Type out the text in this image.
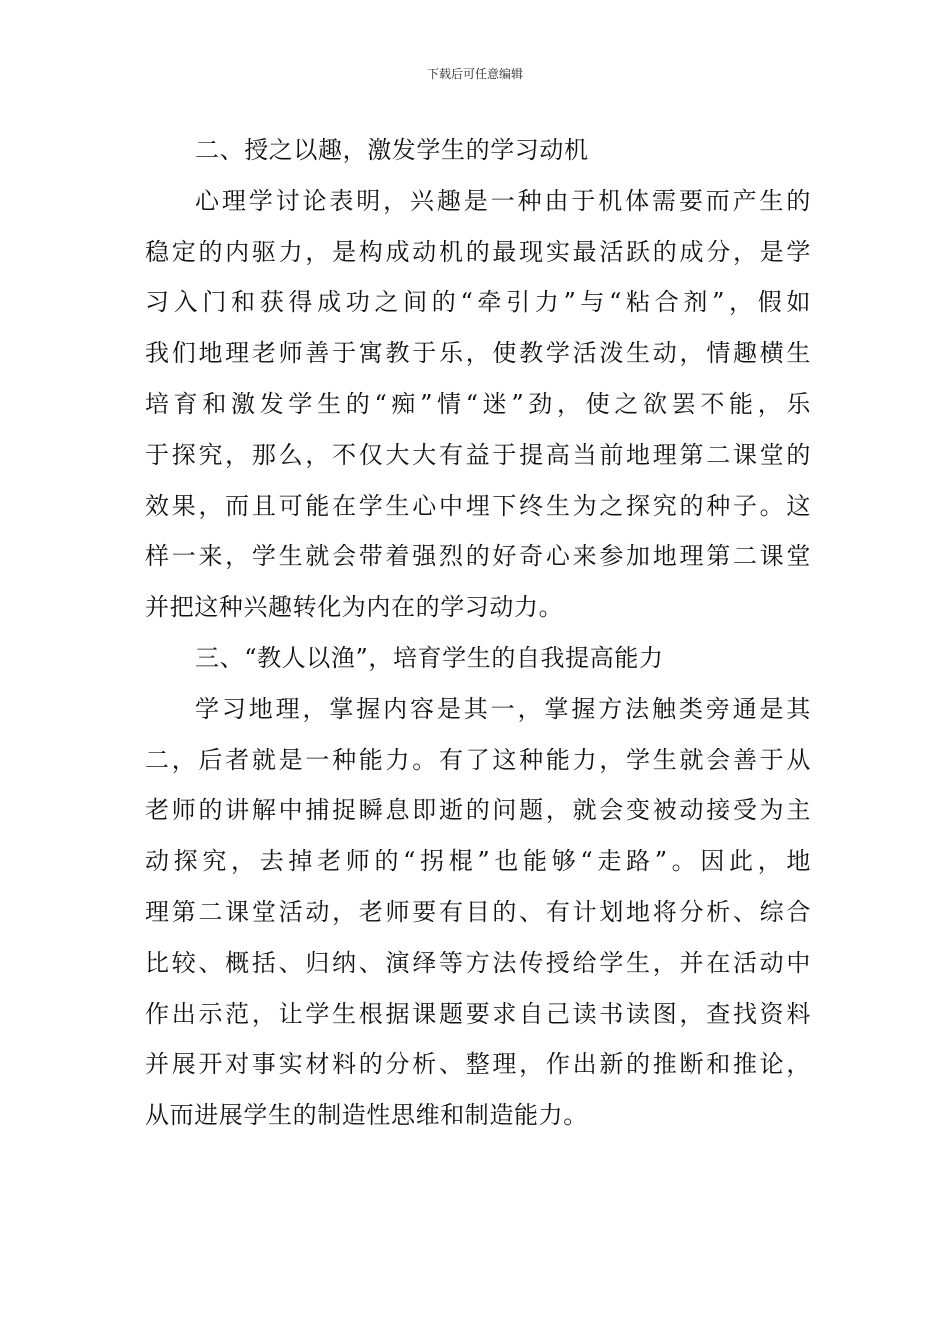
下载后可任意编辑
二、授之以趣，激发学生的学习动机
心理学讨论表明，兴趣是一种由于机体需要而产生的
稳定的内驱力，是构成动机的最现实最活跃的成分，是学
习入门和获得成功之间的“牵引力”与“粘合剂”，假如
我们地理老师善于寓教于乐，使教学活泼生动，情趣横生
培育和激发学生的“痴”情“迷”劲，使之欲罢不能，乐
于探究，那么，不仅大大有益于提高当前地理第二课堂的
效果，而且可能在学生心中埋下终生为之探究的种子。这
样一来，学生就会带着强烈的好奇心来参加地理第二课堂
并把这种兴趣转化为内在的学习动力。
三、“教人以渔”，培育学生的自我提高能力
学习地理，掌握内容是其一，掌握方法触类旁通是其
二，后者就是一种能力。有了这种能力，学生就会善于从
老师的讲解中捕捉瞬息即逝的问题，就会变被动接受为主
动探究，去掉老师的“拐棍”也能够“走路”。因此，地
理第二课堂活动，老师要有目的、有计划地将分析、综合
比较、概括、归纳、演绎等方法传授给学生，并在活动中
作出示范，让学生根据课题要求自己读书读图，查找资料
并展开对事实材料的分析、整理，作出新的推断和推论，
从而进展学生的制造性思维和制造能力。
